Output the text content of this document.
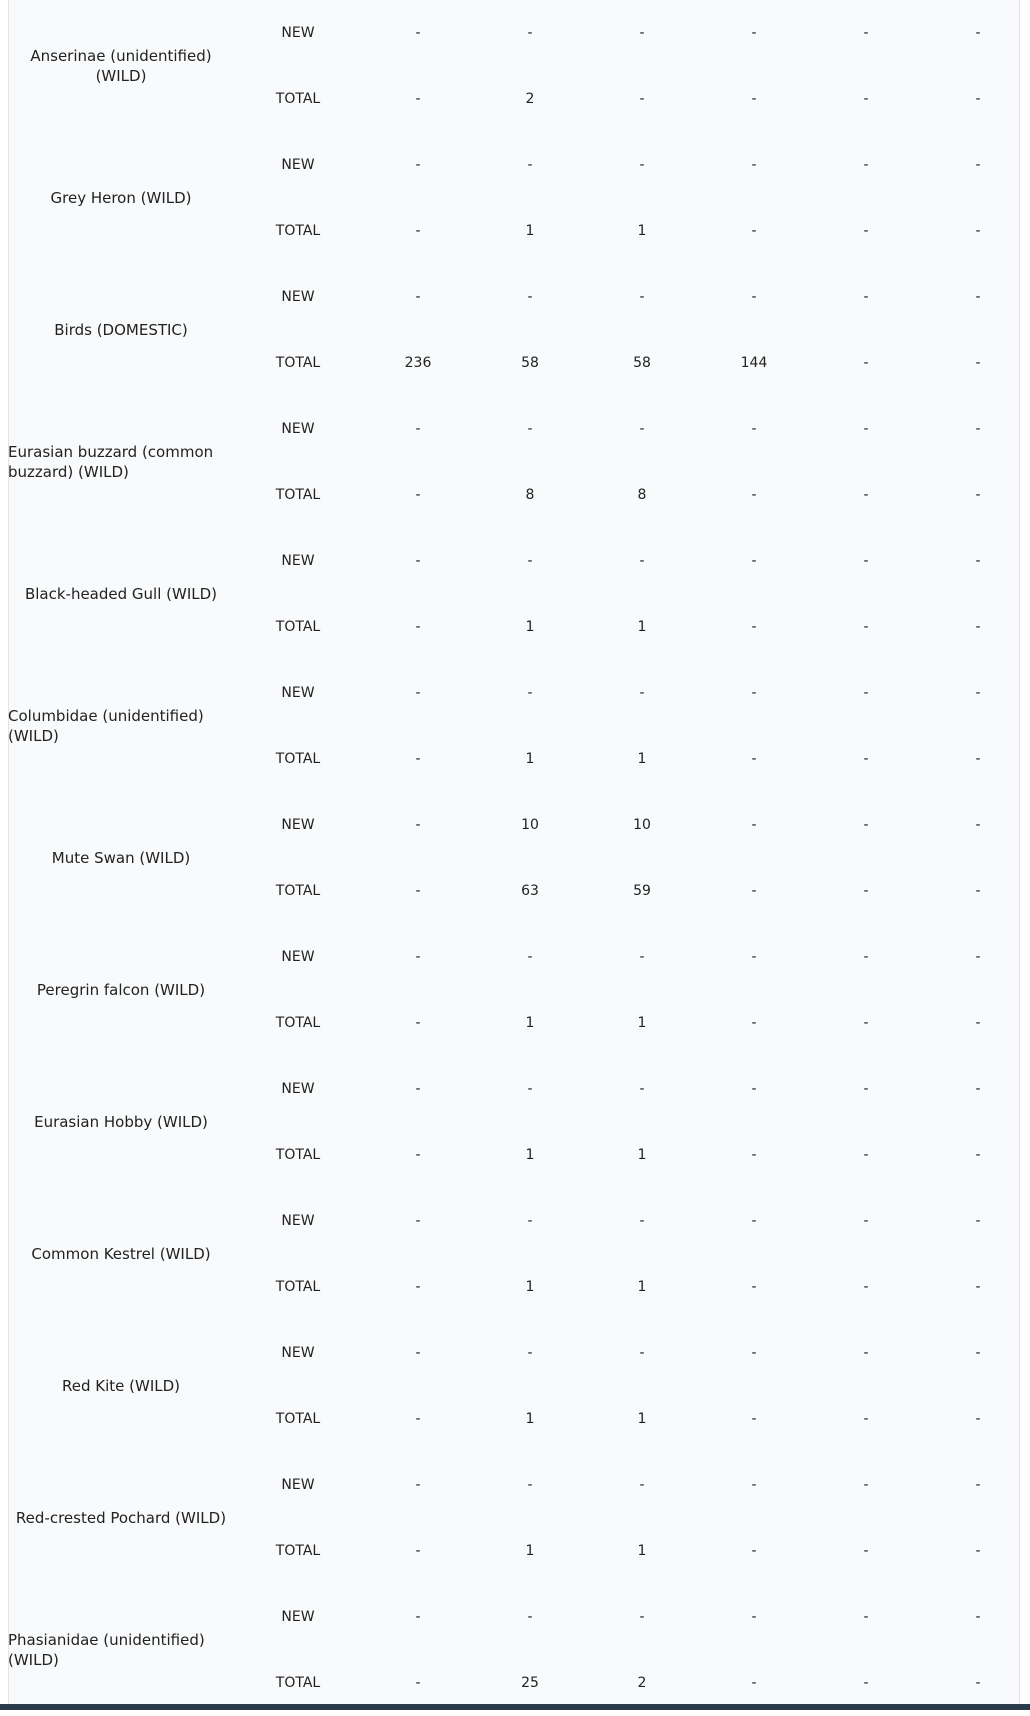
Anserinae (unidentified) (WILD)	NEW	-	-	-	-	-	-
	TOTAL	-	2	-	-	-	-
Grey Heron (WILD)	NEW	-	-	-	-	-	-
	TOTAL	-	1	1	-	-	-
Birds (DOMESTIC)	NEW	-	-	-	-	-	-
	TOTAL	236	58	58	144	-	-
Eurasian buzzard (common buzzard) (WILD)	NEW	-	-	-	-	-	-
	TOTAL	-	8	8	-	-	-
Black-headed Gull (WILD)	NEW	-	-	-	-	-	-
	TOTAL	-	1	1	-	-	-
Columbidae (unidentified) (WILD)	NEW	-	-	-	-	-	-
	TOTAL	-	1	1	-	-	-
Mute Swan (WILD)	NEW	-	10	10	-	-	-
	TOTAL	-	63	59	-	-	-
Peregrin falcon (WILD)	NEW	-	-	-	-	-	-
	TOTAL	-	1	1	-	-	-
Eurasian Hobby (WILD)	NEW	-	-	-	-	-	-
	TOTAL	-	1	1	-	-	-
Common Kestrel (WILD)	NEW	-	-	-	-	-	-
	TOTAL	-	1	1	-	-	-
Red Kite (WILD)	NEW	-	-	-	-	-	-
	TOTAL	-	1	1	-	-	-
Red-crested Pochard (WILD)	NEW	-	-	-	-	-	-
	TOTAL	-	1	1	-	-	-
Phasianidae (unidentified) (WILD)	NEW	-	-	-	-	-	-
	TOTAL	-	25	2	-	-	-
